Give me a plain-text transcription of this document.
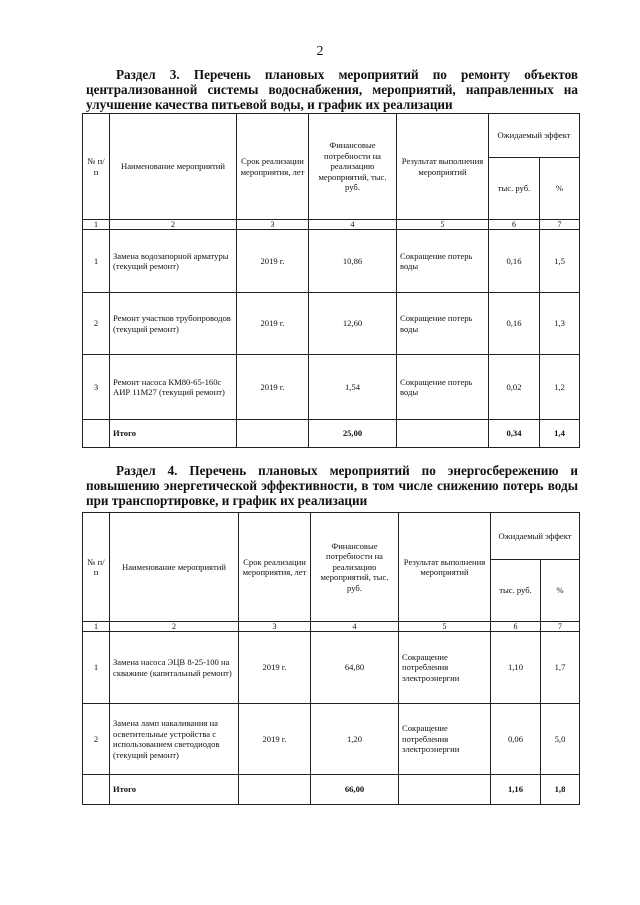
2
Раздел 3. Перечень плановых мероприятий по ремонту объектов централизованной системы водоснабжения, мероприятий, направленных на улучшение качества питьевой воды, и график их реализации
№ п/п	Наименование мероприятий	Срок реализации мероприятия, лет	Финансовые потребности на реализацию мероприятий, тыс. руб.	Результат выполнения мероприятий	Ожидаемый эффект	
					тыс. руб.	%
1	2	3	4	5	6	7
1	Замена водозапорной арматуры (текущий ремонт)	2019 г.	10,86	Сокращение потерь воды	0,16	1,5
2	Ремонт участков трубопроводов (текущий ремонт)	2019 г.	12,60	Сокращение потерь воды	0,16	1,3
3	Ремонт насоса КМ80-65-160с АИР 11М27 (текущий ремонт)	2019 г.	1,54	Сокращение потерь воды	0,02	1,2
	Итого		25,00		0,34	1,4
Раздел 4. Перечень плановых мероприятий по энергосбережению и повышению энергетической эффективности, в том числе снижению потерь воды при транспортировке, и график их реализации
№ п/п	Наименование мероприятий	Срок реализации мероприятия, лет	Финансовые потребности на реализацию мероприятий, тыс. руб.	Результат выполнения мероприятий	Ожидаемый эффект	
					тыс. руб.	%
1	2	3	4	5	6	7
1	Замена насоса ЭЦВ 8-25-100 на скважине (капитальный ремонт)	2019 г.	64,80	Сокращение потребления электроэнергии	1,10	1,7
2	Замена ламп накаливания на осветительные устройства с использованием светодиодов (текущий ремонт)	2019 г.	1,20	Сокращение потребления электроэнергии	0,06	5,0
	Итого		66,00		1,16	1,8
